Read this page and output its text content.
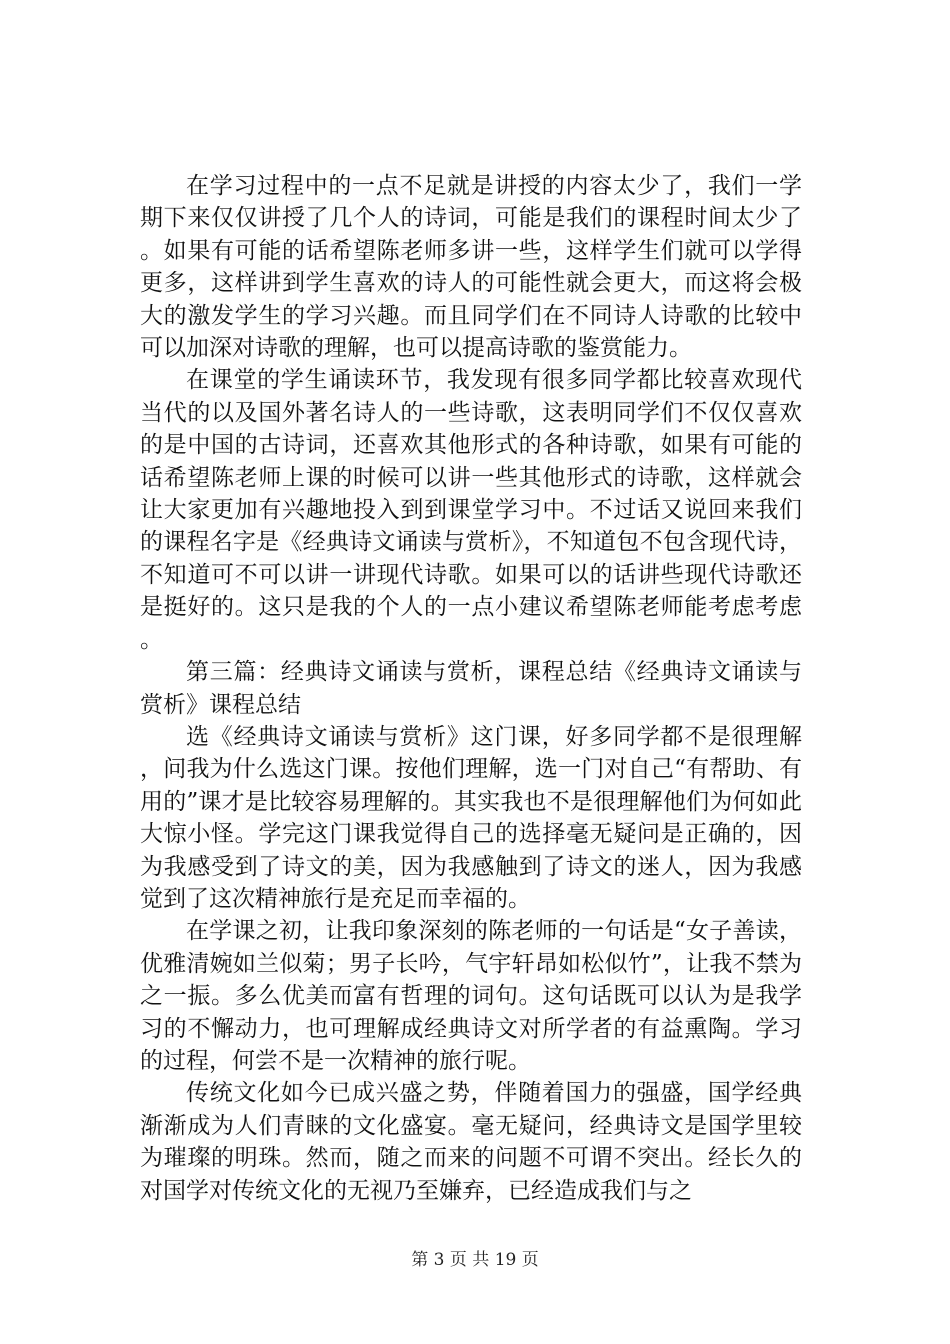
在学习过程中的一点不足就是讲授的内容太少了，我们一学期下来仅仅讲授了几个人的诗词，可能是我们的课程时间太少了。如果有可能的话希望陈老师多讲一些，这样学生们就可以学得更多，这样讲到学生喜欢的诗人的可能性就会更大，而这将会极大的激发学生的学习兴趣。而且同学们在不同诗人诗歌的比较中可以加深对诗歌的理解，也可以提高诗歌的鉴赏能力。

在课堂的学生诵读环节，我发现有很多同学都比较喜欢现代当代的以及国外著名诗人的一些诗歌，这表明同学们不仅仅喜欢的是中国的古诗词，还喜欢其他形式的各种诗歌，如果有可能的话希望陈老师上课的时候可以讲一些其他形式的诗歌，这样就会让大家更加有兴趣地投入到到课堂学习中。不过话又说回来我们的课程名字是《经典诗文诵读与赏析》，不知道包不包含现代诗，不知道可不可以讲一讲现代诗歌。如果可以的话讲些现代诗歌还是挺好的。这只是我的个人的一点小建议希望陈老师能考虑考虑。

第三篇：经典诗文诵读与赏析，课程总结《经典诗文诵读与赏析》课程总结

选《经典诗文诵读与赏析》这门课，好多同学都不是很理解，问我为什么选这门课。按他们理解，选一门对自己“有帮助、有用的”课才是比较容易理解的。其实我也不是很理解他们为何如此大惊小怪。学完这门课我觉得自己的选择毫无疑问是正确的，因为我感受到了诗文的美，因为我感触到了诗文的迷人，因为我感觉到了这次精神旅行是充足而幸福的。

在学课之初，让我印象深刻的陈老师的一句话是“女子善读，优雅清婉如兰似菊；男子长吟，气宇轩昂如松似竹”，让我不禁为之一振。多么优美而富有哲理的词句。这句话既可以认为是我学习的不懈动力，也可理解成经典诗文对所学者的有益熏陶。学习的过程，何尝不是一次精神的旅行呢。

传统文化如今已成兴盛之势，伴随着国力的强盛，国学经典渐渐成为人们青睐的文化盛宴。毫无疑问，经典诗文是国学里较为璀璨的明珠。然而，随之而来的问题不可谓不突出。经长久的对国学对传统文化的无视乃至嫌弃，已经造成我们与之

第 3 页 共 19 页
